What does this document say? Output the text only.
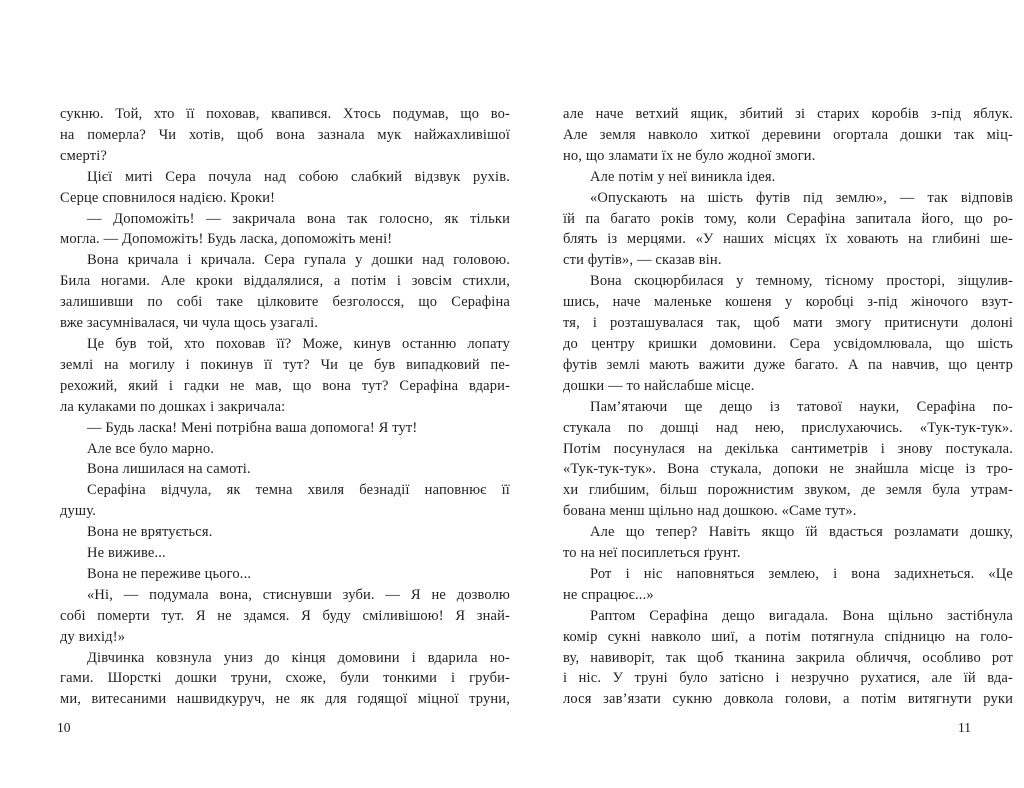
сукню. Той, хто її поховав, квапився. Хтось подумав, що во-
на померла? Чи хотів, щоб вона зазнала мук найжахливішої
смерті?
Цієї миті Сера почула над собою слабкий відзвук рухів.
Серце сповнилося надією. Кроки!
— Допоможіть! — закричала вона так голосно, як тільки
могла. — Допоможіть! Будь ласка, допоможіть мені!
Вона кричала і кричала. Сера гупала у дошки над головою.
Била ногами. Але кроки віддалялися, а потім і зовсім стихли,
залишивши по собі таке цілковите безголосся, що Серафіна
вже засумнівалася, чи чула щось узагалі.
Це був той, хто поховав її? Може, кинув останню лопату
землі на могилу і покинув її тут? Чи це був випадковий пе-
рехожий, який і гадки не мав, що вона тут? Серафіна вдари-
ла кулаками по дошках і закричала:
— Будь ласка! Мені потрібна ваша допомога! Я тут!
Але все було марно.
Вона лишилася на самоті.
Серафіна відчула, як темна хвиля безнадії наповнює її
душу.
Вона не врятується.
Не виживе...
Вона не переживе цього...
«Ні, — подумала вона, стиснувши зуби. — Я не дозволю
собі померти тут. Я не здамся. Я буду сміливішою! Я знай-
ду вихід!»
Дівчинка ковзнула униз до кінця домовини і вдарила но-
гами. Шорсткі дошки труни, схоже, були тонкими і груби-
ми, витесаними нашвидкуруч, не як для годящої міцної труни,
10
але наче ветхий ящик, збитий зі старих коробів з-під яблук.
Але земля навколо хиткої деревини огортала дошки так міц-
но, що зламати їх не було жодної змоги.
Але потім у неї виникла ідея.
«Опускають на шість футів під землю», — так відповів
їй па багато років тому, коли Серафіна запитала його, що ро-
блять із мерцями. «У наших місцях їх ховають на глибині ше-
сти футів», — сказав він.
Вона скоцюрбилася у темному, тісному просторі, зіщулив-
шись, наче маленьке кошеня у коробці з-під жіночого взут-
тя, і розташувалася так, щоб мати змогу притиснути долоні
до центру кришки домовини. Сера усвідомлювала, що шість
футів землі мають важити дуже багато. А па навчив, що центр
дошки — то найслабше місце.
Пам’ятаючи ще дещо із татової науки, Серафіна по-
стукала по дошці над нею, прислухаючись. «Тук-тук-тук».
Потім посунулася на декілька сантиметрів і знову постукала.
«Тук-тук-тук». Вона стукала, допоки не знайшла місце із тро-
хи глибшим, більш порожнистим звуком, де земля була утрам-
бована менш щільно над дошкою. «Саме тут».
Але що тепер? Навіть якщо їй вдасться розламати дошку,
то на неї посиплеться ґрунт.
Рот і ніс наповняться землею, і вона задихнеться. «Це
не спрацює...»
Раптом Серафіна дещо вигадала. Вона щільно застібнула
комір сукні навколо шиї, а потім потягнула спідницю на голо-
ву, навиворіт, так щоб тканина закрила обличчя, особливо рот
і ніс. У труні було затісно і незручно рухатися, але їй вда-
лося зав’язати сукню довкола голови, а потім витягнути руки
11
